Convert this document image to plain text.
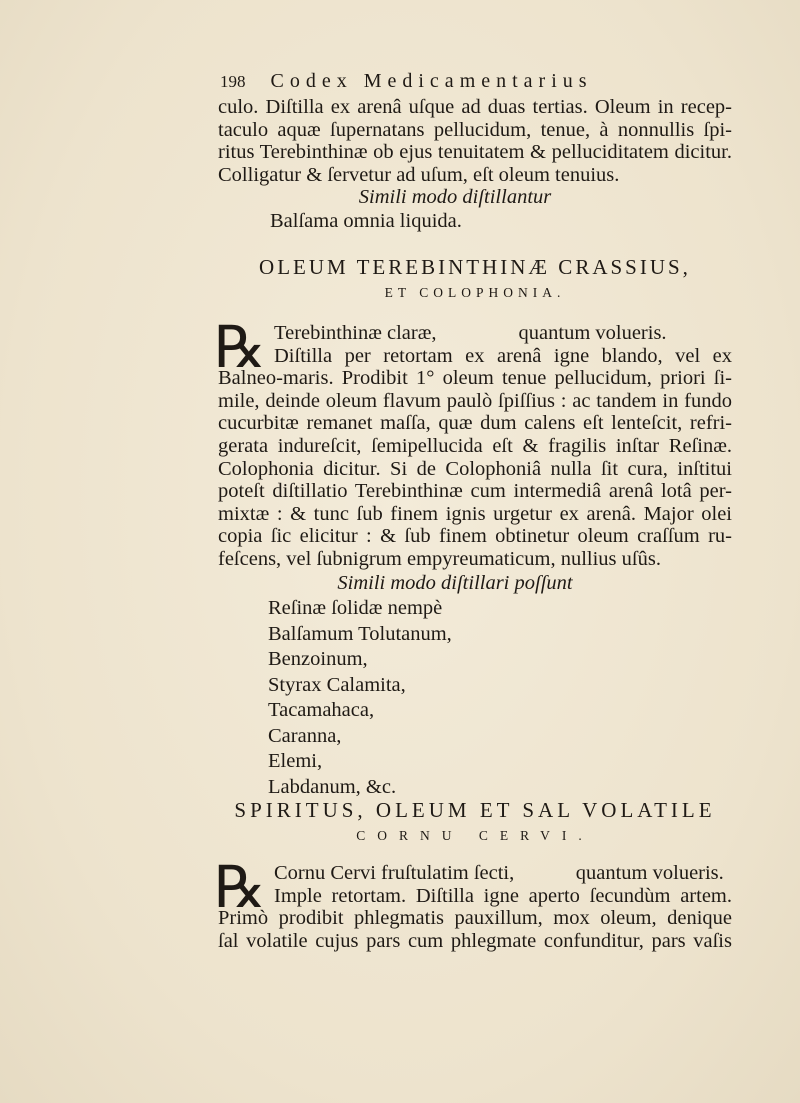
198 Codex Medicamentarius
culo. Diſtilla ex arenâ uſque ad duas tertias. Oleum in recep-
taculo aquæ ſupernatans pellucidum, tenue, à nonnullis ſpi-
ritus Terebinthinæ ob ejus tenuitatem & pelluciditatem dicitur.
Colligatur & ſervetur ad uſum, eſt oleum tenuius.
Simili modo diſtillantur
Balſama omnia liquida.
OLEUM TEREBINTHINÆ CRASSIUS,
ET COLOPHONIA.
℞ Terebinthinæ claræ,                quantum volueris.
Diſtilla per retortam ex arenâ igne blando, vel ex
Balneo-maris. Prodibit 1° oleum tenue pellucidum, priori ſi-
mile, deinde oleum flavum paulò ſpiſſius : ac tandem in fundo
cucurbitæ remanet maſſa, quæ dum calens eſt lenteſcit, refri-
gerata indureſcit, ſemipellucida eſt & fragilis inſtar Reſinæ.
Colophonia dicitur. Si de Colophoniâ nulla ſit cura, inſtitui
poteſt diſtillatio Terebinthinæ cum intermediâ arenâ lotâ per-
mixtæ : & tunc ſub finem ignis urgetur ex arenâ. Major olei
copia ſic elicitur : & ſub finem obtinetur oleum craſſum ru-
feſcens, vel ſubnigrum empyreumaticum, nullius uſûs.
Simili modo diſtillari poſſunt
Reſinæ ſolidæ nempè
Balſamum Tolutanum,
Benzoinum,
Styrax Calamita,
Tacamahaca,
Caranna,
Elemi,
Labdanum, &c.
SPIRITUS, OLEUM ET SAL VOLATILE
CORNU CERVI.
℞ Cornu Cervi fruſtulatim ſecti,            quantum volueris.
Imple retortam. Diſtilla igne aperto ſecundùm artem.
Primò prodibit phlegmatis pauxillum, mox oleum, denique
ſal volatile cujus pars cum phlegmate confunditur, pars vaſis
